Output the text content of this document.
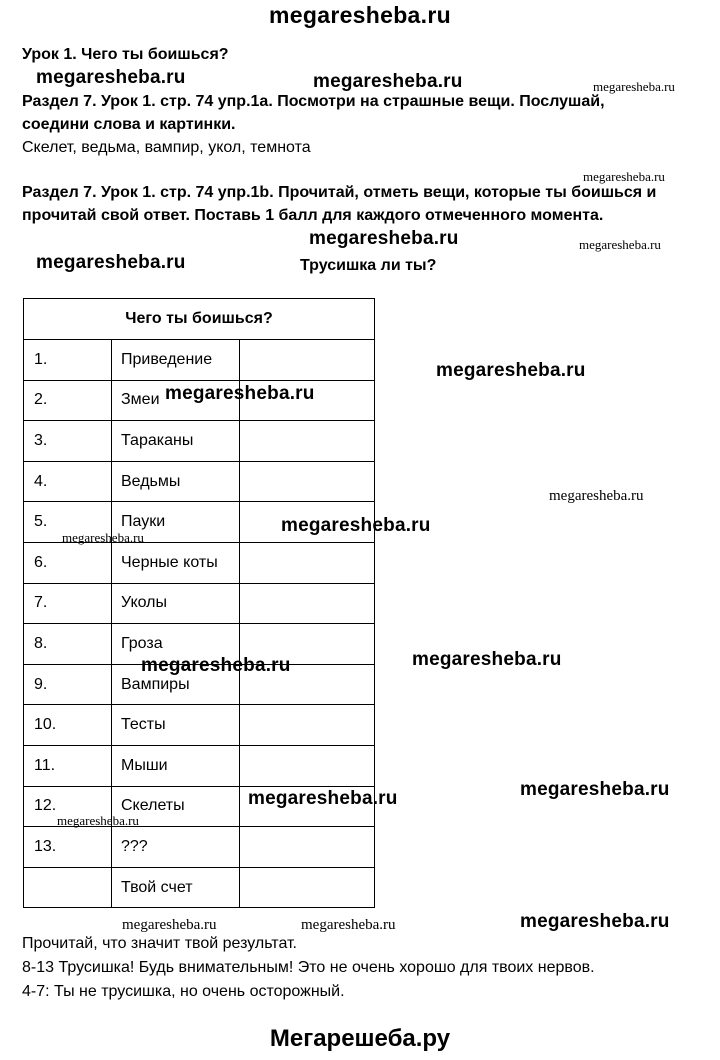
megaresheba.ru
Урок 1. Чего ты боишься?
Раздел 7. Урок 1. стр. 74 упр.1a. Посмотри на страшные вещи. Послушай,
соедини слова и картинки.
Скелет, ведьма, вампир, укол, темнота
Раздел 7. Урок 1. стр. 74 упр.1b. Прочитай, отметь вещи, которые ты боишься и
прочитай свой ответ. Поставь 1 балл для каждого отмеченного момента.
Трусишка ли ты?
Чего ты боишься?		
1.	Приведение	
2.	Змеи	
3.	Тараканы	
4.	Ведьмы	
5.	Пауки	
6.	Черные коты	
7.	Уколы	
8.	Гроза	
9.	Вампиры	
10.	Тесты	
11.	Мыши	
12.	Скелеты	
13.	???	
	Твой счет	
Прочитай, что значит твой результат.
8-13 Трусишка! Будь внимательным! Это не очень хорошо для твоих нервов.
4-7: Ты не трусишка, но очень осторожный.
megaresheba.ru	megaresheba.ru	megaresheba.ru
megaresheba.ru
megaresheba.ru	megaresheba.ru
megaresheba.ru
megaresheba.ru
megaresheba.ru
megaresheba.ru
megaresheba.ru
megaresheba.ru
megaresheba.ru
megaresheba.ru
megaresheba.ru
megaresheba.ru
megaresheba.ru
megaresheba.ru	megaresheba.ru	megaresheba.ru
Мегарешеба.ру
